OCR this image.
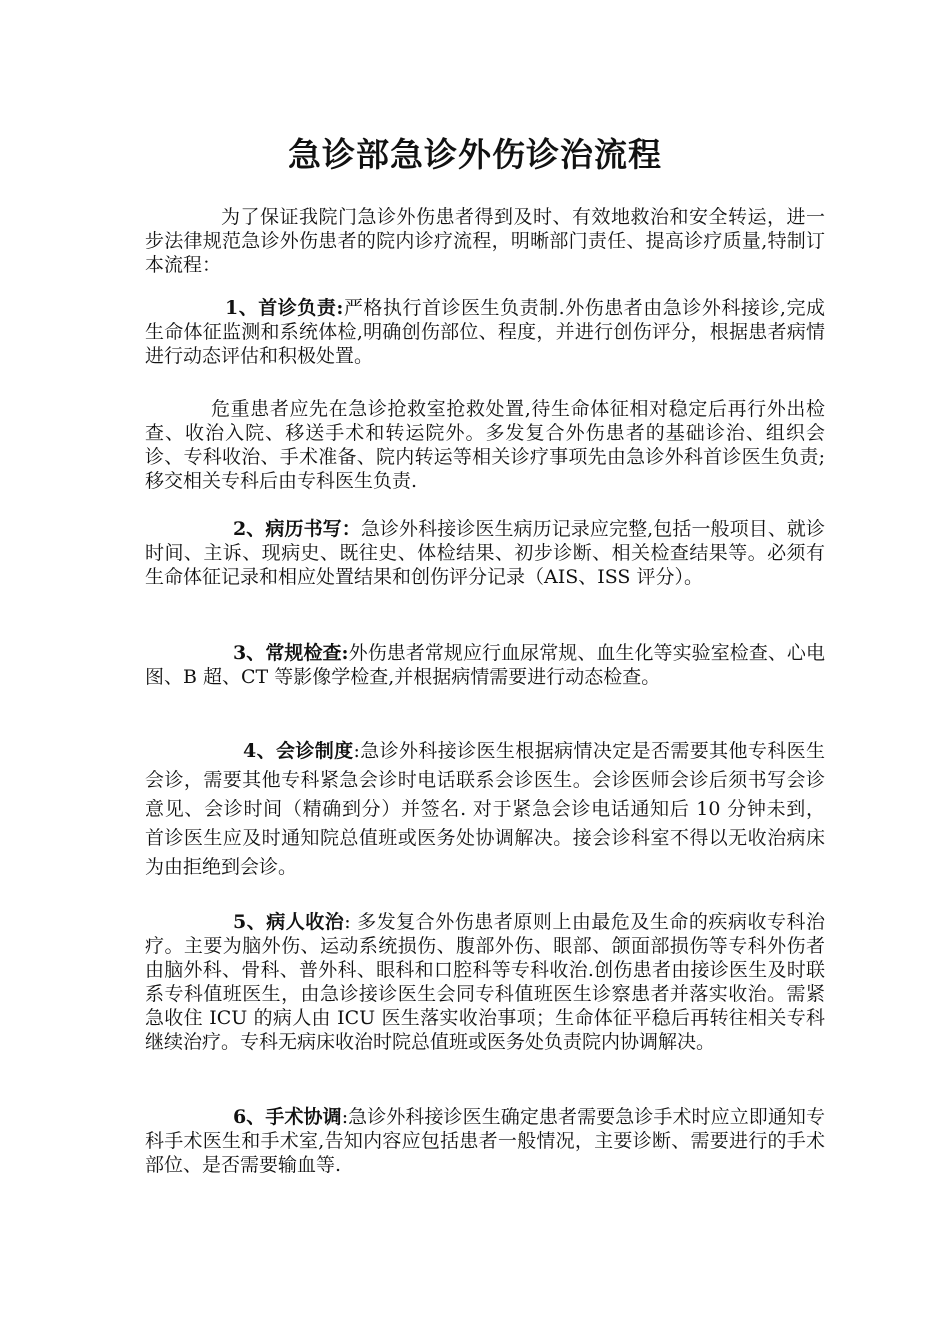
急诊部急诊外伤诊治流程

为了保证我院门急诊外伤患者得到及时、有效地救治和安全转运，进一步法律规范急诊外伤患者的院内诊疗流程，明晰部门责任、提高诊疗质量,特制订本流程：

1、首诊负责:严格执行首诊医生负责制.外伤患者由急诊外科接诊,完成生命体征监测和系统体检,明确创伤部位、程度，并进行创伤评分，根据患者病情进行动态评估和积极处置。

危重患者应先在急诊抢救室抢救处置,待生命体征相对稳定后再行外出检查、收治入院、移送手术和转运院外。多发复合外伤患者的基础诊治、组织会诊、专科收治、手术准备、院内转运等相关诊疗事项先由急诊外科首诊医生负责;移交相关专科后由专科医生负责.

2、病历书写：急诊外科接诊医生病历记录应完整,包括一般项目、就诊时间、主诉、现病史、既往史、体检结果、初步诊断、相关检查结果等。必须有生命体征记录和相应处置结果和创伤评分记录（AIS、ISS 评分）。

3、常规检查:外伤患者常规应行血尿常规、血生化等实验室检查、心电图、B 超、CT 等影像学检查,并根据病情需要进行动态检查。

4、会诊制度:急诊外科接诊医生根据病情决定是否需要其他专科医生会诊，需要其他专科紧急会诊时电话联系会诊医生。会诊医师会诊后须书写会诊意见、会诊时间（精确到分）并签名. 对于紧急会诊电话通知后 10 分钟未到， 首诊医生应及时通知院总值班或医务处协调解决。接会诊科室不得以无收治病床为由拒绝到会诊。

5、病人收治: 多发复合外伤患者原则上由最危及生命的疾病收专科治疗。主要为脑外伤、运动系统损伤、腹部外伤、眼部、颌面部损伤等专科外伤者由脑外科、骨科、普外科、眼科和口腔科等专科收治.创伤患者由接诊医生及时联系专科值班医生，由急诊接诊医生会同专科值班医生诊察患者并落实收治。需紧急收住 ICU 的病人由 ICU 医生落实收治事项；生命体征平稳后再转往相关专科继续治疗。专科无病床收治时院总值班或医务处负责院内协调解决。

6、手术协调:急诊外科接诊医生确定患者需要急诊手术时应立即通知专科手术医生和手术室,告知内容应包括患者一般情况，主要诊断、需要进行的手术部位、是否需要输血等.
